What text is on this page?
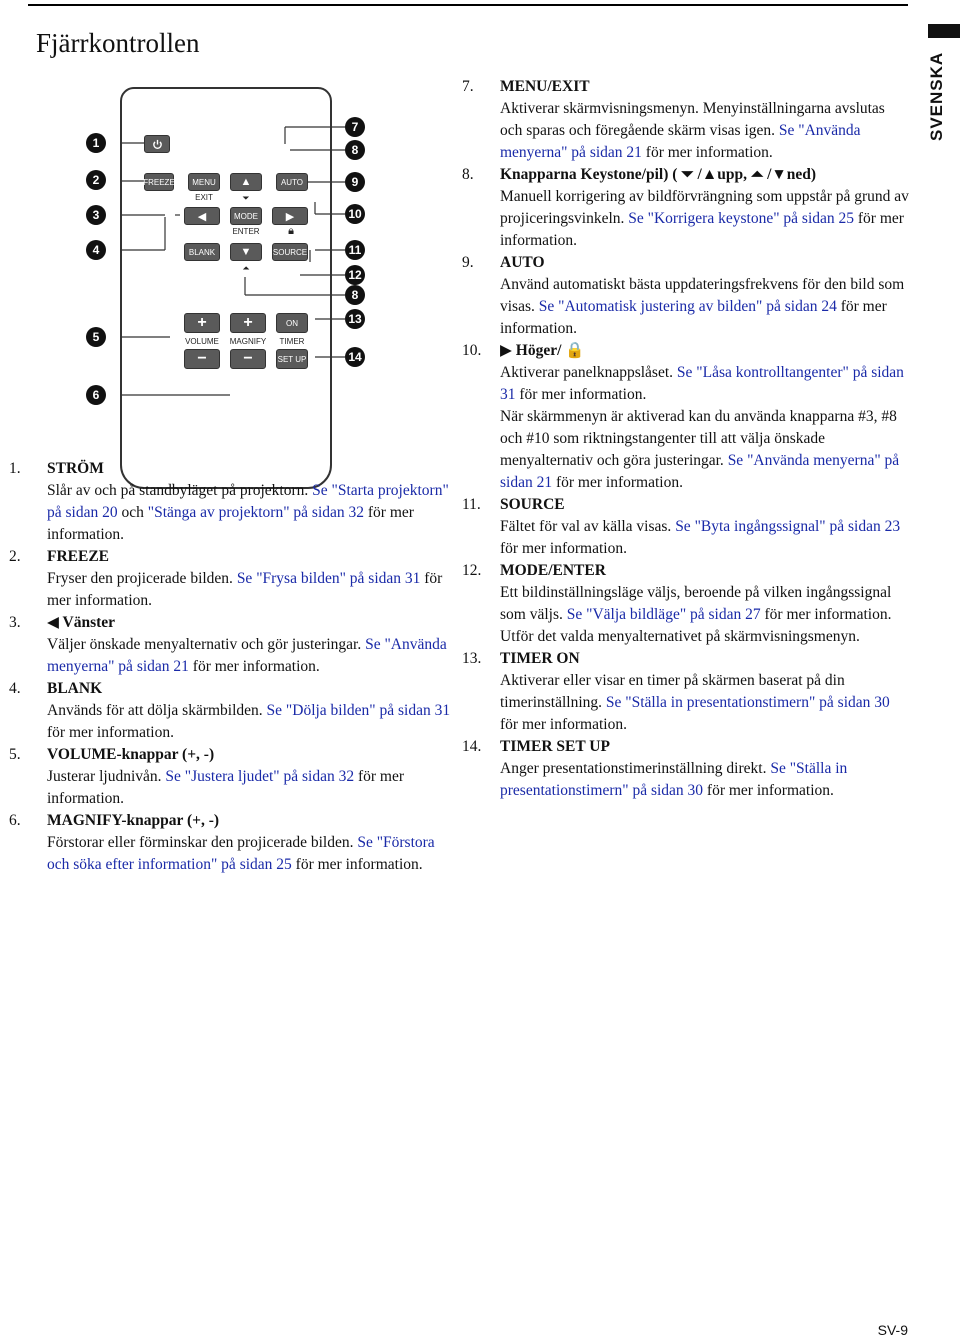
SVENSKA
Fjärrkontrollen
FREEZE	MENU
EXIT
▲
⏷
AUTO
◀	MODE
ENTER
▶
🔒︎
BLANK	▼
⏶
SOURCE
+
VOLUME
−
+
MAGNIFY
−
ON
TIMER
SET UP
1
2
3
4
5
6
7
8
9
10
11
12
8
13
14
1. STRÖM

Slår av och på standbyläget på projektorn. Se "Starta projektorn" på sidan 20 och "Stänga av projektorn" på sidan 32 för mer information.

2. FREEZE

Fryser den projicerade bilden. Se "Frysa bilden" på sidan 31 för mer information.

3. ◀ Vänster

Väljer önskade menyalternativ och gör justeringar. Se "Använda menyerna" på sidan 21 för mer information.

4. BLANK

Används för att dölja skärmbilden. Se "Dölja bilden" på sidan 31 för mer information.

5. VOLUME-knappar (+, -)

Justerar ljudnivån. Se "Justera ljudet" på sidan 32 för mer information.

6. MAGNIFY-knappar (+, -)

Förstorar eller förminskar den projicerade bilden. Se "Förstora och söka efter information" på sidan 25 för mer information.

7. MENU/EXIT

Aktiverar skärmvisningsmenyn. Menyinställningarna avslutas och sparas och föregående skärm visas igen. Se "Använda menyerna" på sidan 21 för mer information.

8. Knapparna Keystone/pil) ( ⏷ /▲upp, ⏶ /▼ned)

Manuell korrigering av bildförvrängning som uppstår på grund av projiceringsvinkeln. Se "Korrigera keystone" på sidan 25 för mer information.

9. AUTO

Använd automatiskt bästa uppdateringsfrekvens för den bild som visas. Se "Automatisk justering av bilden" på sidan 24 för mer information.

10. ▶ Höger/ 🔒

Aktiverar panelknappslåset. Se "Låsa kontrolltangenter" på sidan 31 för mer information.

När skärmmenyn är aktiverad kan du använda knapparna #3, #8 och #10 som riktningstangenter till att välja önskade menyalternativ och göra justeringar. Se "Använda menyerna" på sidan 21 för mer information.

11. SOURCE

Fältet för val av källa visas. Se "Byta ingångssignal" på sidan 23 för mer information.

12. MODE/ENTER

Ett bildinställningsläge väljs, beroende på vilken ingångssignal som väljs. Se "Välja bildläge" på sidan 27 för mer information.

Utför det valda menyalternativet på skärmvisningsmenyn.

13. TIMER ON

Aktiverar eller visar en timer på skärmen baserat på din timerinställning. Se "Ställa in presentationstimern" på sidan 30 för mer information.

14. TIMER SET UP

Anger presentationstimerinställning direkt. Se "Ställa in presentationstimern" på sidan 30 för mer information.

SV-9
